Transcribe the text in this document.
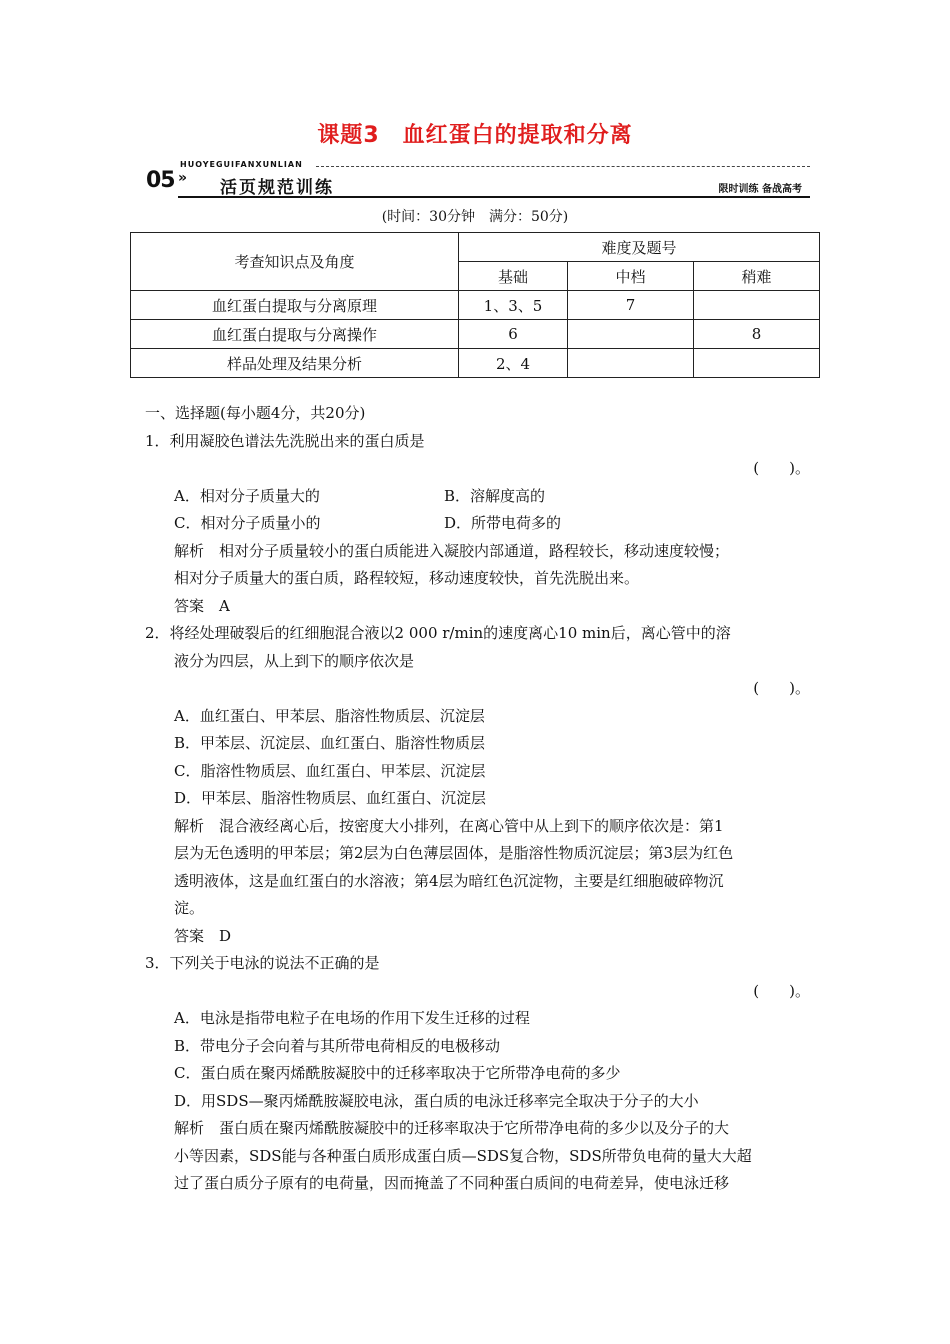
课题3　血红蛋白的提取和分离
HUOYEGUIFANXUNLIAN
05 » 活页规范训练	限时训练 备战高考
(时间：30分钟　满分：50分)
考查知识点及角度	难度及题号		
	基础	中档	稍难
血红蛋白提取与分离原理	1、3、5	7	
血红蛋白提取与分离操作	6		8
样品处理及结果分析	2、4		
一、选择题(每小题4分，共20分)
1．利用凝胶色谱法先洗脱出来的蛋白质是
(　　)。
A．相对分子质量大的	B．溶解度高的
C．相对分子质量小的	D．所带电荷多的
解析　相对分子质量较小的蛋白质能进入凝胶内部通道，路程较长，移动速度较慢；
相对分子质量大的蛋白质，路程较短，移动速度较快，首先洗脱出来。
答案　A
2．将经处理破裂后的红细胞混合液以2 000 r/min的速度离心10 min后，离心管中的溶
液分为四层，从上到下的顺序依次是
(　　)。
A．血红蛋白、甲苯层、脂溶性物质层、沉淀层
B．甲苯层、沉淀层、血红蛋白、脂溶性物质层
C．脂溶性物质层、血红蛋白、甲苯层、沉淀层
D．甲苯层、脂溶性物质层、血红蛋白、沉淀层
解析　混合液经离心后，按密度大小排列，在离心管中从上到下的顺序依次是：第1
层为无色透明的甲苯层；第2层为白色薄层固体，是脂溶性物质沉淀层；第3层为红色
透明液体，这是血红蛋白的水溶液；第4层为暗红色沉淀物，主要是红细胞破碎物沉
淀。
答案　D
3．下列关于电泳的说法不正确的是
(　　)。
A．电泳是指带电粒子在电场的作用下发生迁移的过程
B．带电分子会向着与其所带电荷相反的电极移动
C．蛋白质在聚丙烯酰胺凝胶中的迁移率取决于它所带净电荷的多少
D．用SDS—聚丙烯酰胺凝胶电泳，蛋白质的电泳迁移率完全取决于分子的大小
解析　蛋白质在聚丙烯酰胺凝胶中的迁移率取决于它所带净电荷的多少以及分子的大
小等因素，SDS能与各种蛋白质形成蛋白质—SDS复合物，SDS所带负电荷的量大大超
过了蛋白质分子原有的电荷量，因而掩盖了不同种蛋白质间的电荷差异，使电泳迁移
